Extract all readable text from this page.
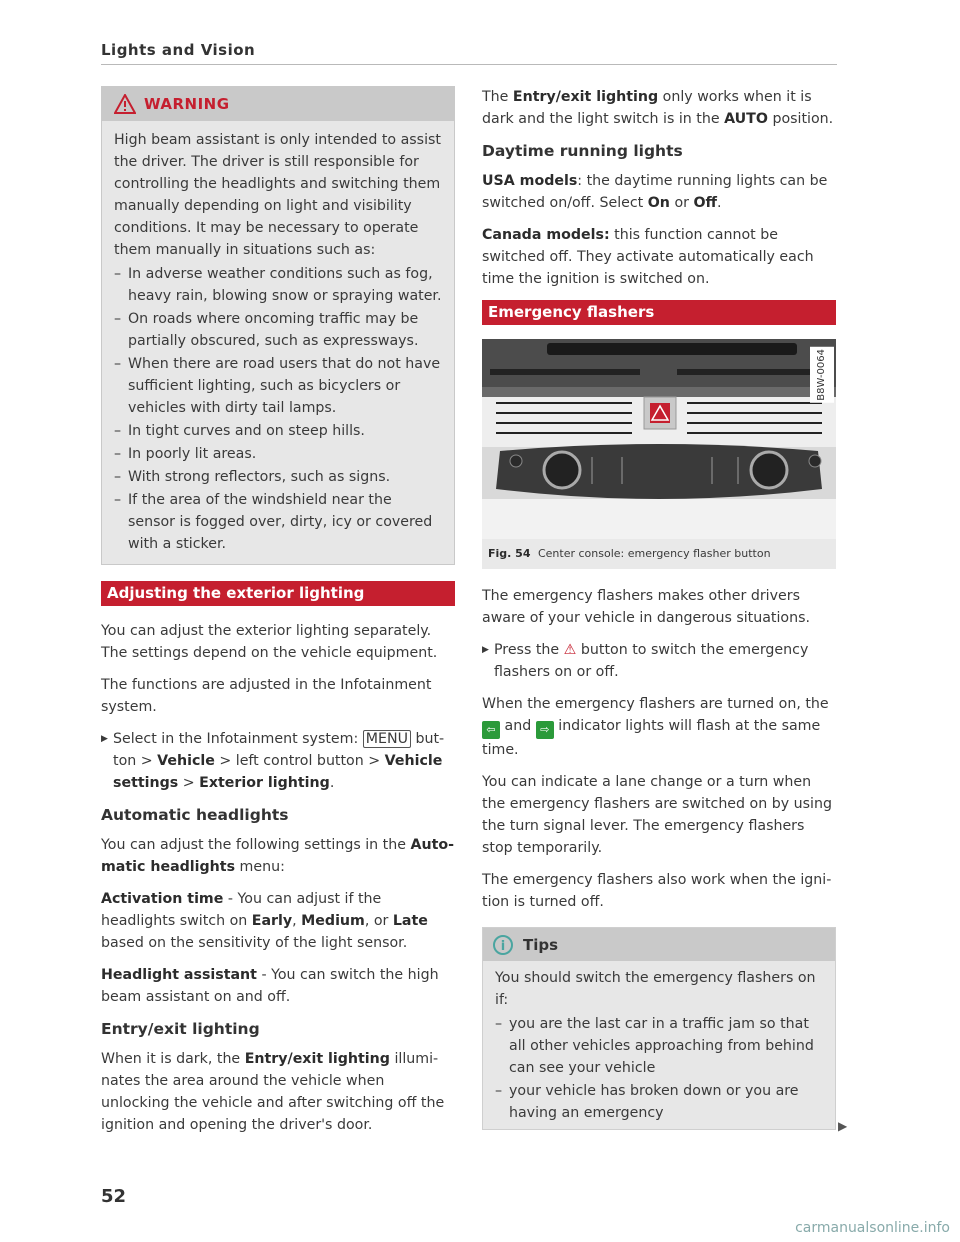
Lights and Vision
WARNING

High beam assistant is only intended to assist the driver. The driver is still responsible for controlling the headlights and switching them manually depending on light and visibility conditions. It may be necessary to operate them manually in situations such as:

– In adverse weather conditions such as fog, heavy rain, blowing snow or spraying water.
– On roads where oncoming traffic may be partially obscured, such as expressways.
– When there are road users that do not have sufficient lighting, such as bicyclers or vehicles with dirty tail lamps.
– In tight curves and on steep hills.
– In poorly lit areas.
– With strong reflectors, such as signs.
– If the area of the windshield near the sensor is fogged over, dirty, icy or covered with a sticker.
Adjusting the exterior lighting

You can adjust the exterior lighting separately. The settings depend on the vehicle equipment.

The functions are adjusted in the Infotainment system.

▶ Select in the Infotainment system: MENU button > Vehicle > left control button > Vehicle settings > Exterior lighting.

Automatic headlights

You can adjust the following settings in the Automatic headlights menu:

Activation time - You can adjust if the headlights switch on Early, Medium, or Late based on the sensitivity of the light sensor.

Headlight assistant - You can switch the high beam assistant on and off.

Entry/exit lighting

When it is dark, the Entry/exit lighting illuminates the area around the vehicle when unlocking the vehicle and after switching off the ignition and opening the driver's door.

The Entry/exit lighting only works when it is dark and the light switch is in the AUTO position.

Daytime running lights

USA models: the daytime running lights can be switched on/off. Select On or Off.

Canada models: this function cannot be switched off. They activate automatically each time the ignition is switched on.

Emergency flashers
B8W-0064
Fig. 54 Center console: emergency flasher button

The emergency flashers makes other drivers aware of your vehicle in dangerous situations.

▶ Press the ⚠ button to switch the emergency flashers on or off.

When the emergency flashers are turned on, the ⇦ and ⇨ indicator lights will flash at the same time.

You can indicate a lane change or a turn when the emergency flashers are switched on by using the turn signal lever. The emergency flashers stop temporarily.

The emergency flashers also work when the ignition is turned off.

i	Tips

You should switch the emergency flashers on if:

– you are the last car in a traffic jam so that all other vehicles approaching from behind can see your vehicle
– your vehicle has broken down or you are having an emergency
▶
52
carmanualsonline.info
